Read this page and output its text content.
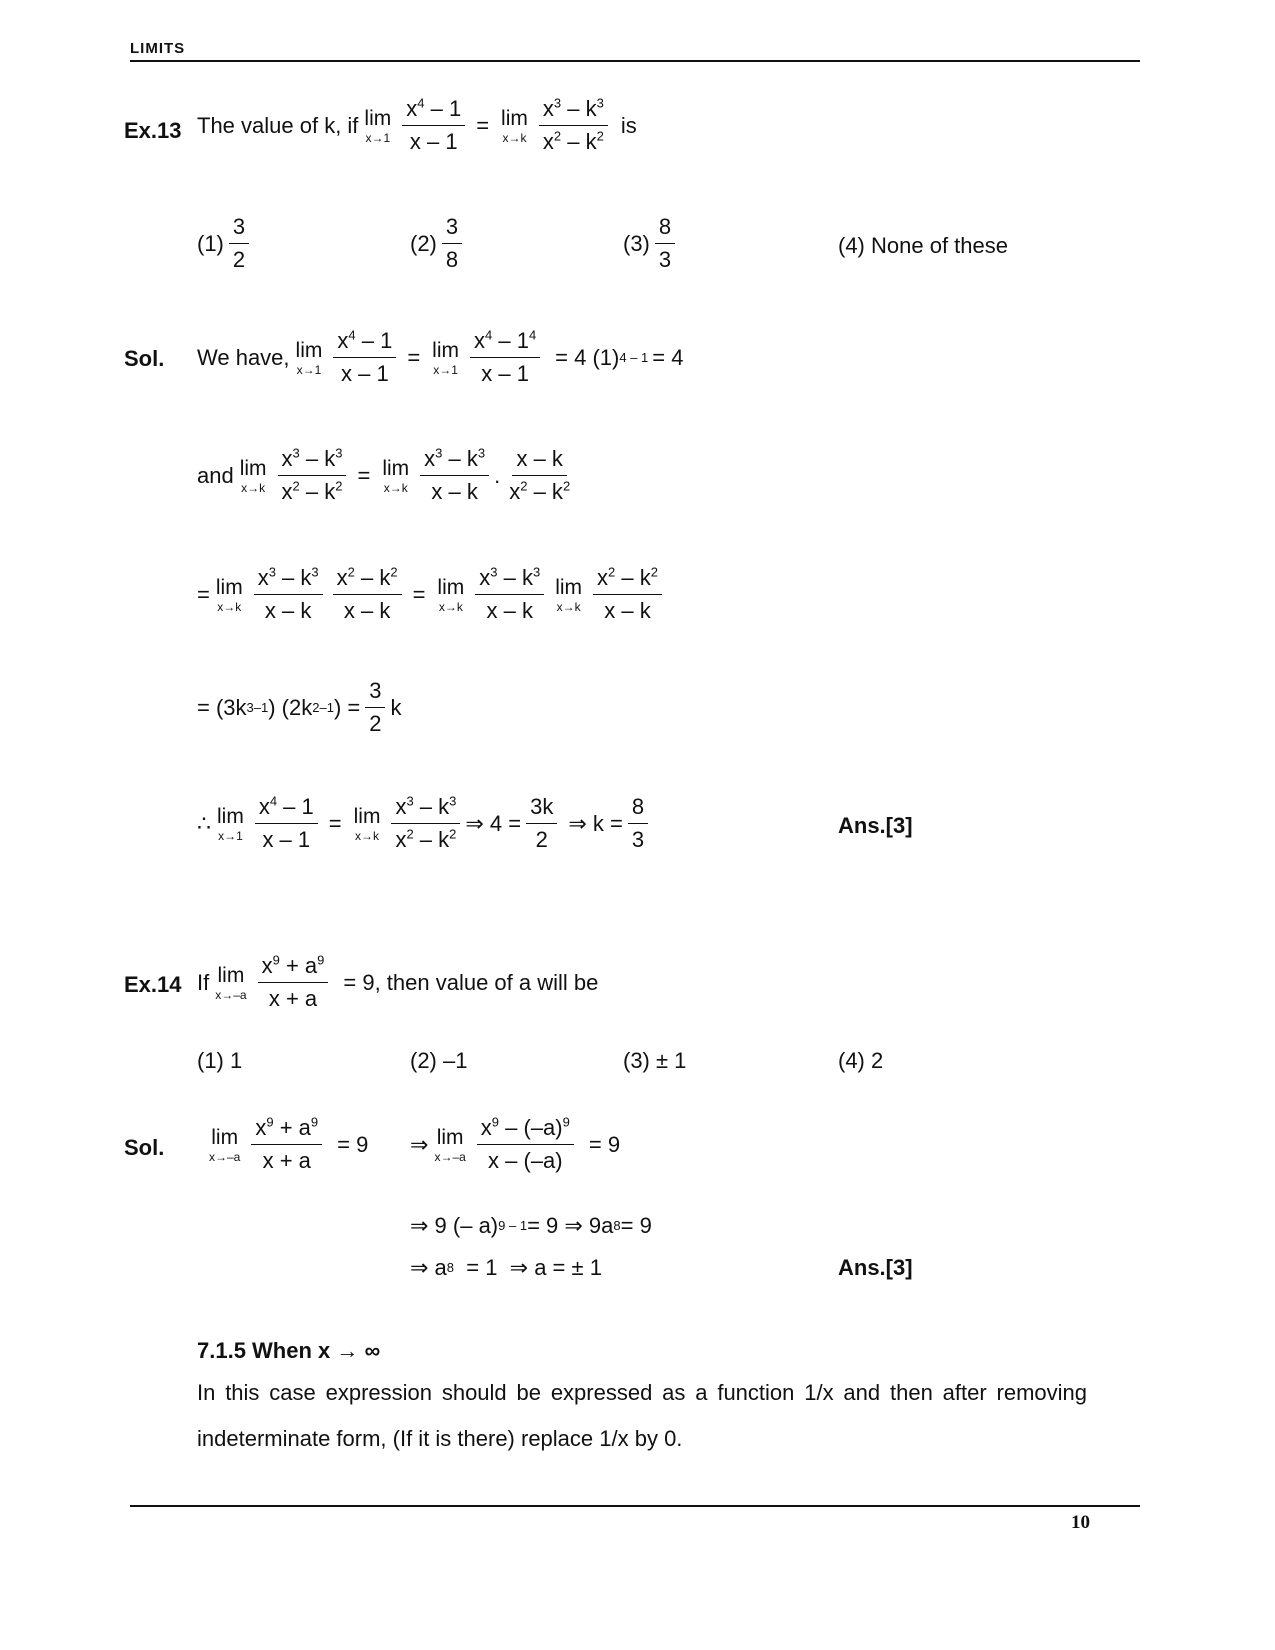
LIMITS
Ex.13 The value of k, if lim
$x\to 1 \frac{x^4 - 1}{x - 1} = \lim$
x→k
$x^3 - k^3$
$x^2 - k^2$ is
(1)
3
2
(2)
3
8
(3)
8
3
(4) None of these
Sol. We have, lim
$x\to 1 \frac{x^4 - 1}{x - 1} = \lim$
$x\to 1 \frac{x^4 - 1^4}{x - 1} = 4$ (1) 4 – 1 = 4
and lim
$x\to k \frac{x^3 - k^3}{x^2 - k^2} = \lim$
x→k
$x^3 - k^3$
x – k
.
x – k
$x^2 - k^2$
= lim
x→k
$x^3 - k^3$
x – k $\frac{x^2 - k^2}{x - k} = \lim$
x→k
$x^3 - k^3$
x – k
lim
x→k
$x^2 - k^2$
x – k
= (3k 3–1 ) (2k 2–1 ) = $\frac{3}{2}$ k
∴ lim
$x\to 1 \frac{x^4 - 1}{x - 1} = \lim$
x→k
$x^3 - k^3$
$x^2 - k^2$ ⇒ $4 = \frac{3k}{2}$ ⇒ $k = \frac{8}{3}$	Ans.[3]
Ex.14 If lim
$x\to-a \frac{x^9 + a^9}{x + a} = 9$, then value of a will be
(1) 1	(2) –1	(3) ± 1	(4) 2
Sol. lim
$x\to-a \frac{x^9 + a^9}{x + a} = 9$ ⇒ lim
$x\to-a \frac{x^9 - (-a)^9}{x - (-a)} = 9$
⇒ 9 (– a) 9 – 1 = 9 ⇒ 9a 8 = 9
⇒ a 8 = 1  ⇒ a = ± 1	Ans.[3]
7.1.5 When x → ∞
In this case expression should be expressed as a function 1/x and then after removing indeterminate form, (If it is there) replace 1/x by 0.
10
